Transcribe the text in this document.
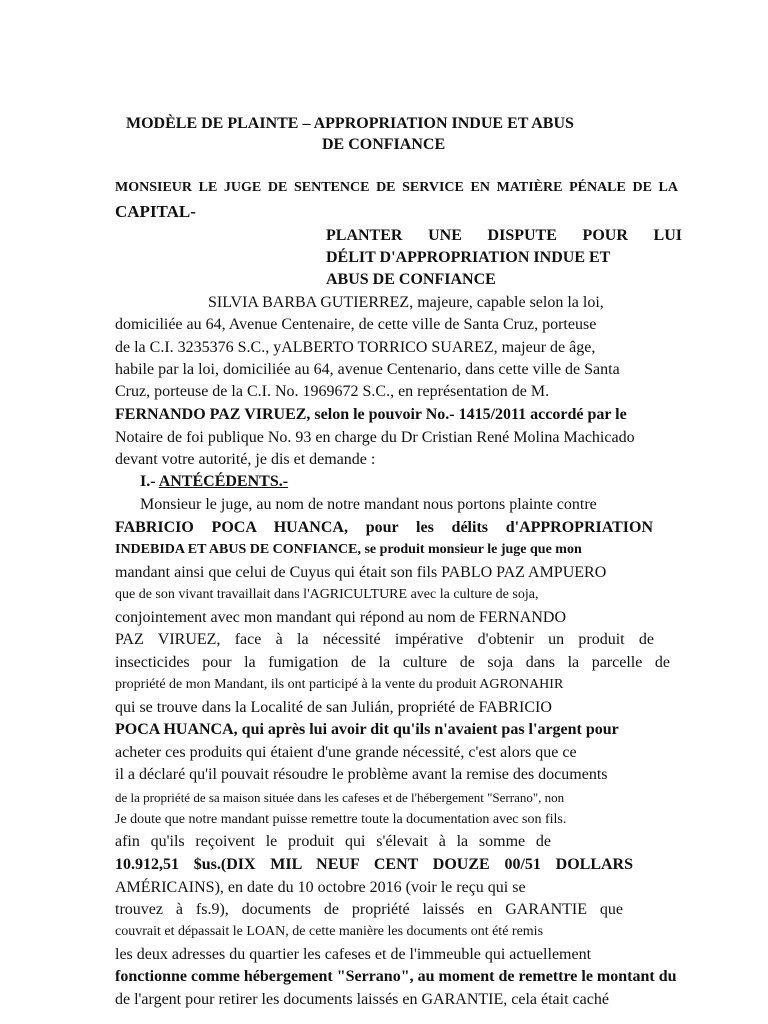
MODÈLE DE PLAINTE – APPROPRIATION INDUE ET ABUS
DE CONFIANCE
MONSIEUR LE JUGE DE SENTENCE DE SERVICE EN MATIÈRE PÉNALE DE LA
CAPITAL-
PLANTER UNE DISPUTE POUR LUI
DÉLIT D'APPROPRIATION INDUE ET
ABUS DE CONFIANCE
SILVIA BARBA GUTIERREZ, majeure, capable selon la loi,
domiciliée au 64, Avenue Centenaire, de cette ville de Santa Cruz, porteuse
de la C.I. 3235376 S.C., yALBERTO TORRICO SUAREZ, majeur de âge,
habile par la loi, domiciliée au 64, avenue Centenario, dans cette ville de Santa
Cruz, porteuse de la C.I. No. 1969672 S.C., en représentation de M.
FERNANDO PAZ VIRUEZ, selon le pouvoir No.- 1415/2011 accordé par le
Notaire de foi publique No. 93 en charge du Dr Cristian René Molina Machicado
devant votre autorité, je dis et demande :
I.- ANTÉCÉDENTS.-
Monsieur le juge, au nom de notre mandant nous portons plainte contre
FABRICIO POCA HUANCA, pour les délits d'APPROPRIATION
INDEBIDA ET ABUS DE CONFIANCE, se produit monsieur le juge que mon
mandant ainsi que celui de Cuyus qui était son fils PABLO PAZ AMPUERO
que de son vivant travaillait dans l'AGRICULTURE avec la culture de soja,
conjointement avec mon mandant qui répond au nom de FERNANDO
PAZ VIRUEZ, face à la nécessité impérative d'obtenir un produit de
insecticides pour la fumigation de la culture de soja dans la parcelle de
propriété de mon Mandant, ils ont participé à la vente du produit AGRONAHIR
qui se trouve dans la Localité de san Julián, propriété de FABRICIO
POCA HUANCA, qui après lui avoir dit qu'ils n'avaient pas l'argent pour
acheter ces produits qui étaient d'une grande nécessité, c'est alors que ce
il a déclaré qu'il pouvait résoudre le problème avant la remise des documents
de la propriété de sa maison située dans les cafeses et de l'hébergement "Serrano", non
Je doute que notre mandant puisse remettre toute la documentation avec son fils.
afin qu'ils reçoivent le produit qui s'élevait à la somme de
10.912,51 $us.(DIX MIL NEUF CENT DOUZE 00/51 DOLLARS
AMÉRICAINS), en date du 10 octobre 2016 (voir le reçu qui se
trouvez à fs.9), documents de propriété laissés en GARANTIE que
couvrait et dépassait le LOAN, de cette manière les documents ont été remis
les deux adresses du quartier les cafeses et de l'immeuble qui actuellement
fonctionne comme hébergement "Serrano", au moment de remettre le montant du
de l'argent pour retirer les documents laissés en GARANTIE, cela était caché
